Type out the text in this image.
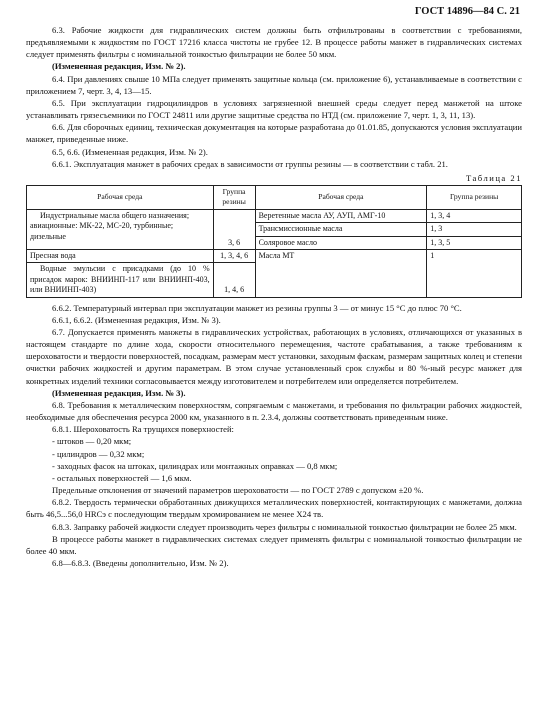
ГОСТ 14896—84 С. 21

6.3. Рабочие жидкости для гидравлических систем должны быть отфильтрованы в соответствии с требованиями, предъявляемыми к жидкостям по ГОСТ 17216 класса чистоты не грубее 12. В процессе работы манжет в гидравлических системах следует применять фильтры с номинальной тонкостью фильтрации не более 50 мкм.

(Измененная редакция, Изм. № 2).

6.4. При давлениях свыше 10 МПа следует применять защитные кольца (см. приложение 6), устанавливаемые в соответствии с приложением 7, черт. 3, 4, 13—15.

6.5. При эксплуатации гидроцилиндров в условиях загрязненной внешней среды следует перед манжетой на штоке устанавливать грязесъемники по ГОСТ 24811 или другие защитные средства по НТД (см. приложение 7, черт. 1, 3, 11, 13).

6.6. Для сборочных единиц, техническая документация на которые разработана до 01.01.85, допускаются условия эксплуатации манжет, приведенные ниже.

6.5, 6.6. (Измененная редакция, Изм. № 2).

6.6.1. Эксплуатация манжет в рабочих средах в зависимости от группы резины — в соответствии с табл. 21.

Таблица 21
Рабочая среда	Группа резины	Рабочая среда	Группа резины
Индустриальные масла общего назначения; авиационные: МК-22, МС-20, турбинные; дизельные	3, 6	Веретенные масла АУ, АУП, АМГ-10	1, 3, 4
		Трансмиссионные масла	1, 3
		Соляровое масло	1, 3, 5
Пресная вода	1, 3, 4, 6	Масла МТ	1
Водные эмульсии с присадками (до 10 % присадок марок: ВНИИНП-117 или ВНИИНП-403, или ВНИИНП-403)	1, 4, 6		

6.6.2. Температурный интервал при эксплуатации манжет из резины группы 3 — от минус 15 °С до плюс 70 °С.

6.6.1, 6.6.2. (Измененная редакция, Изм. № 3).

6.7. Допускается применять манжеты в гидравлических устройствах, работающих в условиях, отличающихся от указанных в настоящем стандарте по длине хода, скорости относительного перемещения, частоте срабатывания, а также требованиям к шероховатости и твердости поверхностей, посадкам, размерам мест установки, заходным фаскам, размерам защитных колец и степени очистки рабочих жидкостей и другим параметрам. В этом случае установленный срок службы и 80 %-ный ресурс манжет для конкретных изделий техники согласовывается между изготовителем и потребителем или определяется потребителем.

(Измененная редакция, Изм. № 3).

6.8. Требования к металлическим поверхностям, сопрягаемым с манжетами, и требования по фильтрации рабочих жидкостей, необходимые для обеспечения ресурса 2000 км, указанного в п. 2.3.4, должны соответствовать приведенным ниже.

6.8.1. Шероховатость Ra трущихся поверхностей:

- штоков — 0,20 мкм;

- цилиндров — 0,32 мкм;

- заходных фасок на штоках, цилиндрах или монтажных оправках — 0,8 мкм;

- остальных поверхностей — 1,6 мкм.

Предельные отклонения от значений параметров шероховатости — по ГОСТ 2789 с допуском ±20 %.

6.8.2. Твердость термически обработанных движущихся металлических поверхностей, контактирующих с манжетами, должна быть 46,5...56,0 HRCэ с последующим твердым хромированием не менее Х24 тв.

6.8.3. Заправку рабочей жидкости следует производить через фильтры с номинальной тонкостью фильтрации не более 25 мкм.

В процессе работы манжет в гидравлических системах следует применять фильтры с номинальной тонкостью фильтрации не более 40 мкм.

6.8—6.8.3. (Введены дополнительно, Изм. № 2).
